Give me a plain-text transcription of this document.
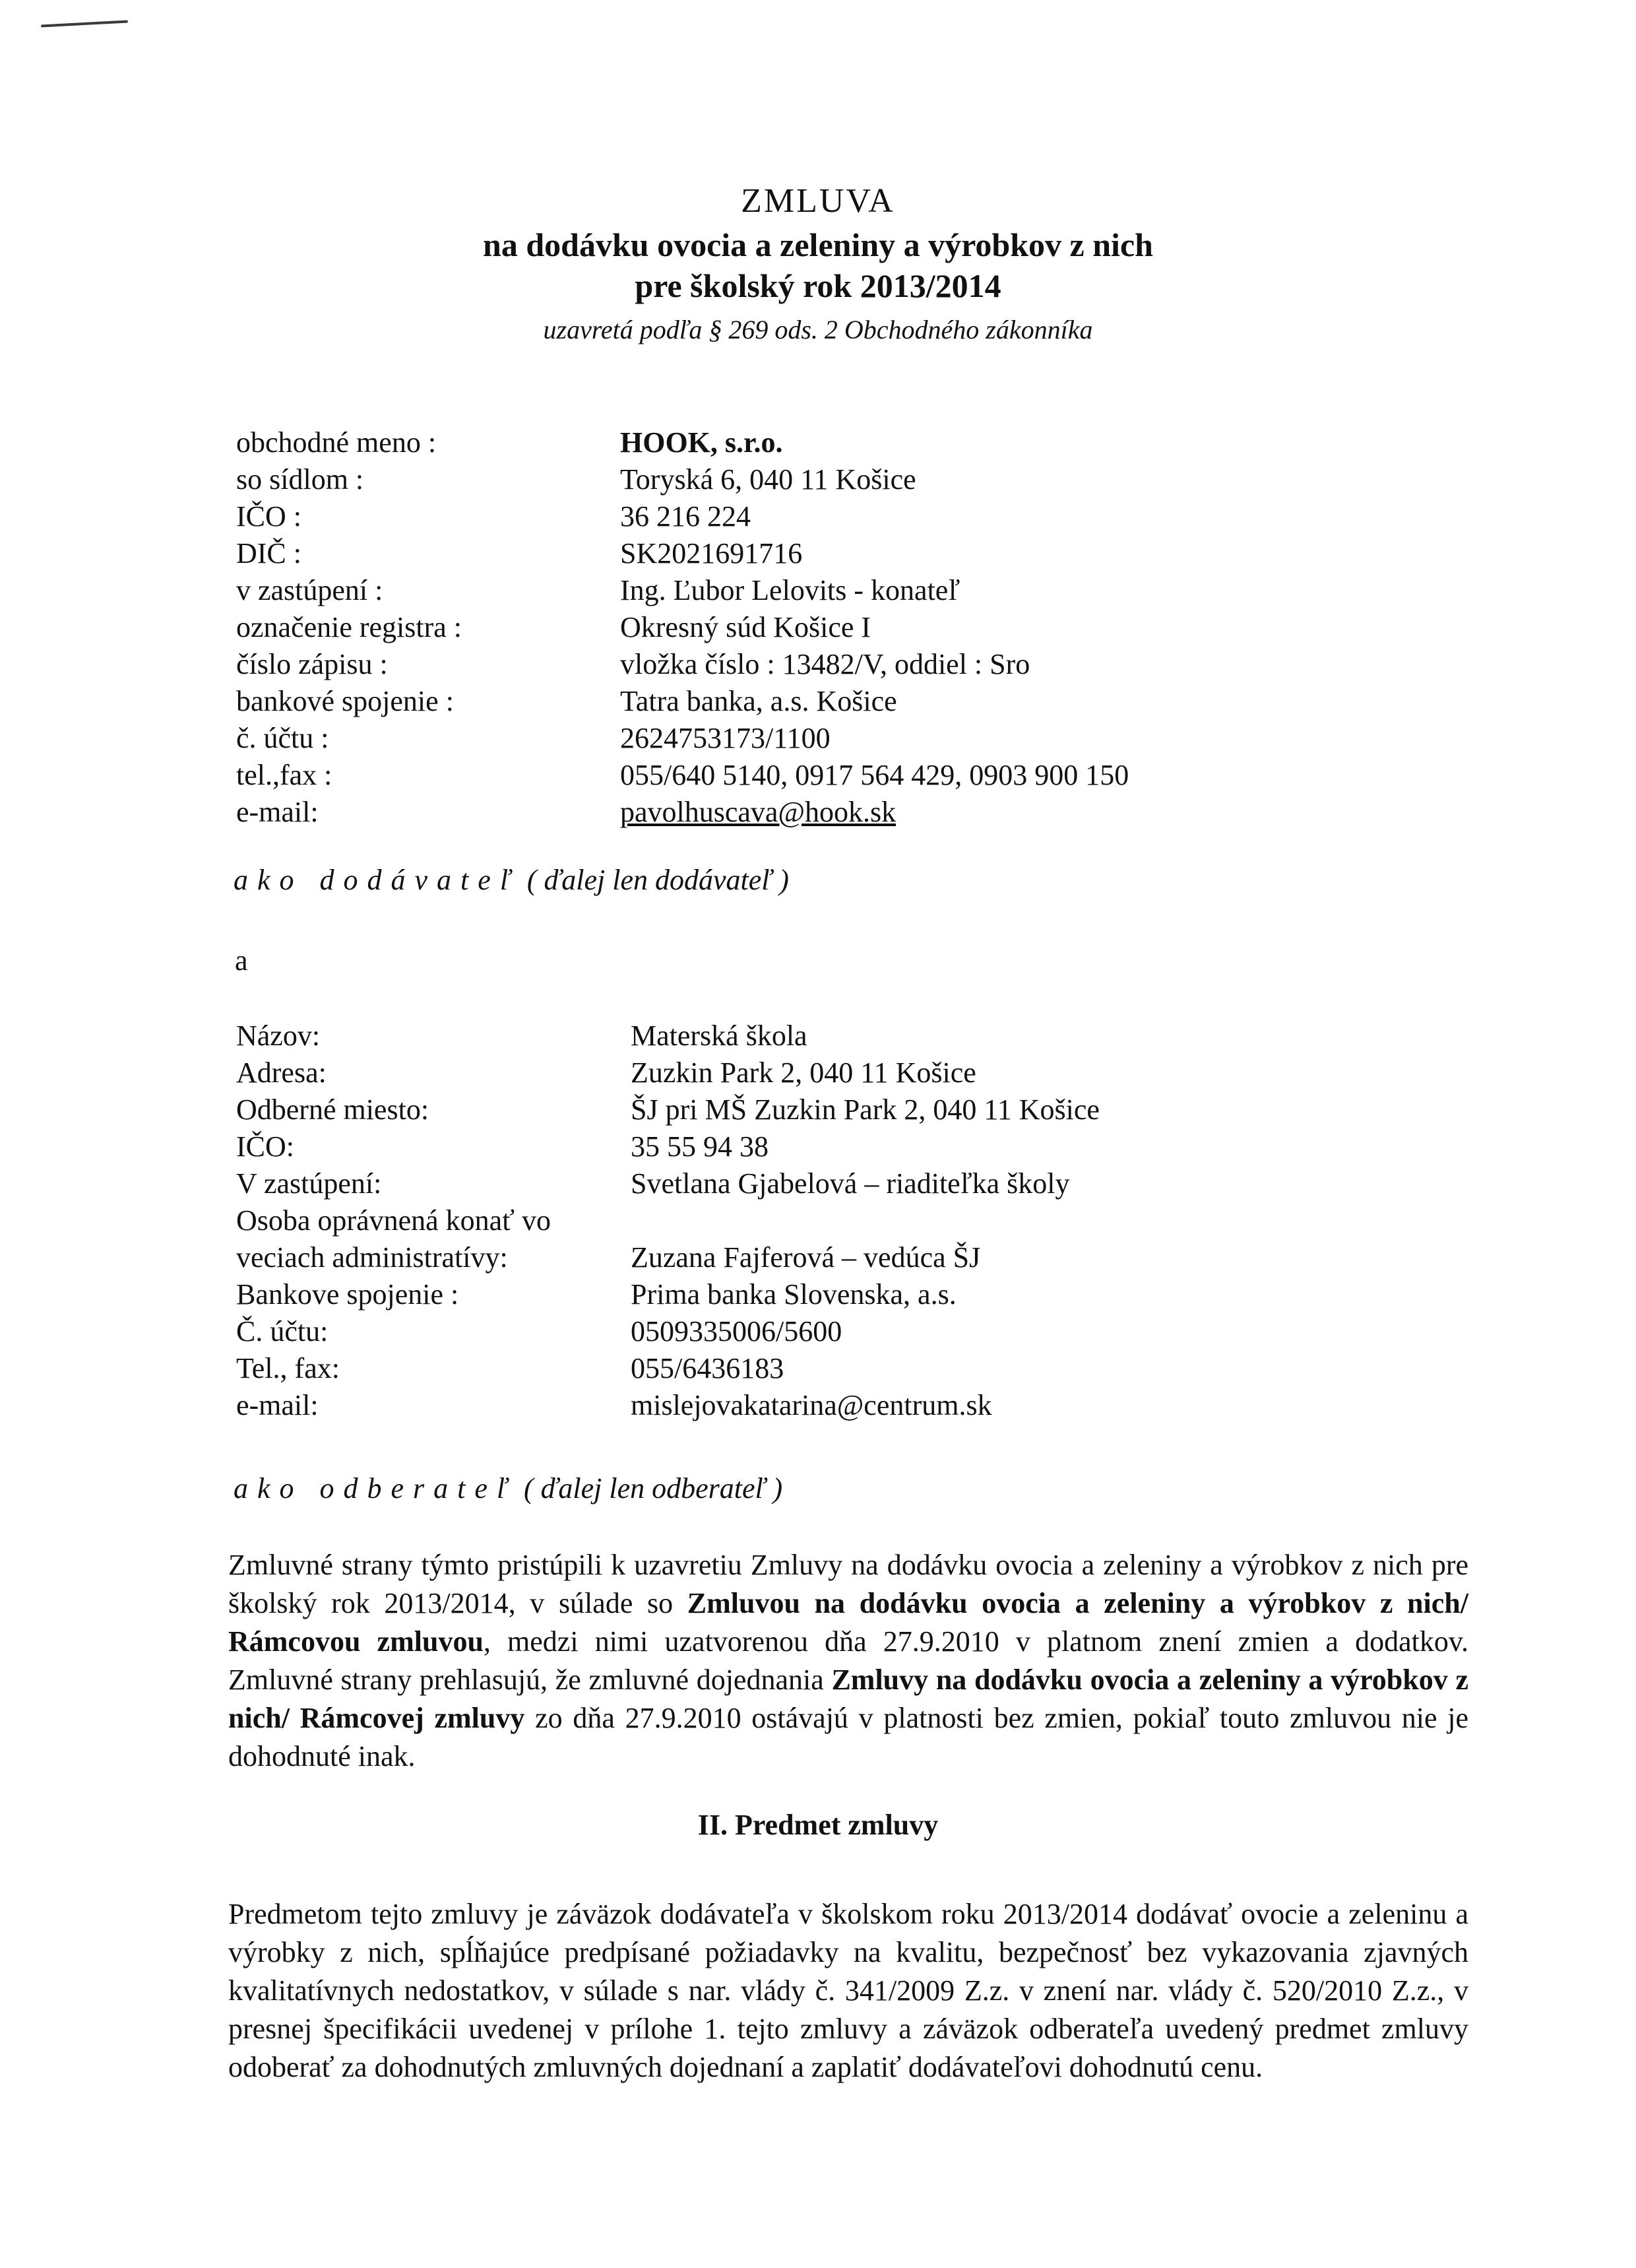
ZMLUVA
na dodávku ovocia a zeleniny a výrobkov z nich
pre školský rok 2013/2014
uzavretá podľa § 269 ods. 2 Obchodného zákonníka
obchodné meno :	HOOK, s.r.o.
so sídlom :	Toryská 6, 040 11 Košice
IČO :	36 216 224
DIČ :	SK2021691716
v zastúpení :	Ing. Ľubor Lelovits - konateľ
označenie registra :	Okresný súd Košice I
číslo zápisu :	vložka číslo : 13482/V, oddiel : Sro
bankové spojenie :	Tatra banka, a.s. Košice
č. účtu :	2624753173/1100
tel.,fax :	055/640 5140, 0917 564 429, 0903 900 150
e-mail:	pavolhuscava@hook.sk
ako dodávateľ ( ďalej len dodávateľ )
a
Názov:	Materská škola
Adresa:	Zuzkin Park 2, 040 11 Košice
Odberné miesto:	ŠJ pri MŠ Zuzkin Park 2, 040 11 Košice
IČO:	35 55 94 38
V zastúpení:	Svetlana Gjabelová – riaditeľka školy
Osoba oprávnená konať vo
veciach administratívy:	Zuzana Fajferová – vedúca ŠJ
Bankove spojenie :	Prima banka Slovenska, a.s.
Č. účtu:	0509335006/5600
Tel., fax:	055/6436183
e-mail:	mislejovakatarina@centrum.sk
ako odberateľ ( ďalej len odberateľ )
Zmluvné strany týmto pristúpili k uzavretiu Zmluvy na dodávku ovocia a zeleniny a výrobkov z nich pre školský rok 2013/2014, v súlade so Zmluvou na dodávku ovocia a zeleniny a výrobkov z nich/ Rámcovou zmluvou, medzi nimi uzatvorenou dňa 27.9.2010 v platnom znení zmien a dodatkov. Zmluvné strany prehlasujú, že zmluvné dojednania Zmluvy na dodávku ovocia a zeleniny a výrobkov z nich/ Rámcovej zmluvy zo dňa 27.9.2010 ostávajú v platnosti bez zmien, pokiaľ touto zmluvou nie je dohodnuté inak.
II. Predmet zmluvy
Predmetom tejto zmluvy je záväzok dodávateľa v školskom roku 2013/2014 dodávať ovocie a zeleninu a výrobky z nich, spĺňajúce predpísané požiadavky na kvalitu, bezpečnosť bez vykazovania zjavných kvalitatívnych nedostatkov, v súlade s nar. vlády č. 341/2009 Z.z. v znení nar. vlády č. 520/2010 Z.z., v presnej špecifikácii uvedenej v prílohe 1. tejto zmluvy a záväzok odberateľa uvedený predmet zmluvy odoberať za dohodnutých zmluvných dojednaní a zaplatiť dodávateľovi dohodnutú cenu.
